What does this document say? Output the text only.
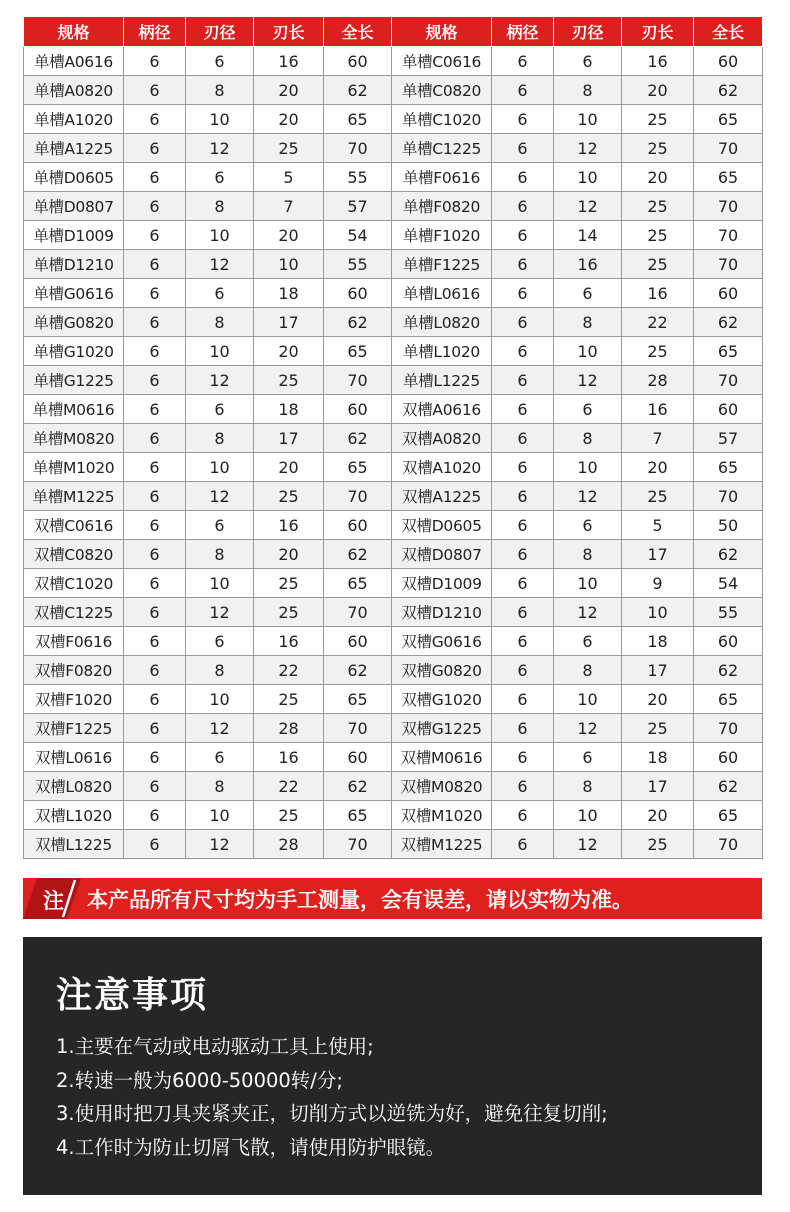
规格	柄径	刃径	刃长	全长	规格	柄径	刃径	刃长	全长
单槽A0616	6	6	16	60	单槽C0616	6	6	16	60
单槽A0820	6	8	20	62	单槽C0820	6	8	20	62
单槽A1020	6	10	20	65	单槽C1020	6	10	25	65
单槽A1225	6	12	25	70	单槽C1225	6	12	25	70
单槽D0605	6	6	5	55	单槽F0616	6	10	20	65
单槽D0807	6	8	7	57	单槽F0820	6	12	25	70
单槽D1009	6	10	20	54	单槽F1020	6	14	25	70
单槽D1210	6	12	10	55	单槽F1225	6	16	25	70
单槽G0616	6	6	18	60	单槽L0616	6	6	16	60
单槽G0820	6	8	17	62	单槽L0820	6	8	22	62
单槽G1020	6	10	20	65	单槽L1020	6	10	25	65
单槽G1225	6	12	25	70	单槽L1225	6	12	28	70
单槽M0616	6	6	18	60	双槽A0616	6	6	16	60
单槽M0820	6	8	17	62	双槽A0820	6	8	7	57
单槽M1020	6	10	20	65	双槽A1020	6	10	20	65
单槽M1225	6	12	25	70	双槽A1225	6	12	25	70
双槽C0616	6	6	16	60	双槽D0605	6	6	5	50
双槽C0820	6	8	20	62	双槽D0807	6	8	17	62
双槽C1020	6	10	25	65	双槽D1009	6	10	9	54
双槽C1225	6	12	25	70	双槽D1210	6	12	10	55
双槽F0616	6	6	16	60	双槽G0616	6	6	18	60
双槽F0820	6	8	22	62	双槽G0820	6	8	17	62
双槽F1020	6	10	25	65	双槽G1020	6	10	20	65
双槽F1225	6	12	28	70	双槽G1225	6	12	25	70
双槽L0616	6	6	16	60	双槽M0616	6	6	18	60
双槽L0820	6	8	22	62	双槽M0820	6	8	17	62
双槽L1020	6	10	25	65	双槽M1020	6	10	20	65
双槽L1225	6	12	28	70	双槽M1225	6	12	25	70
注 本产品所有尺寸均为手工测量，会有误差，请以实物为准。
注意事项
1.主要在气动或电动驱动工具上使用;
2.转速一般为6000-50000转/分;
3.使用时把刀具夹紧夹正，切削方式以逆铣为好，避免往复切削;
4.工作时为防止切屑飞散，请使用防护眼镜。
